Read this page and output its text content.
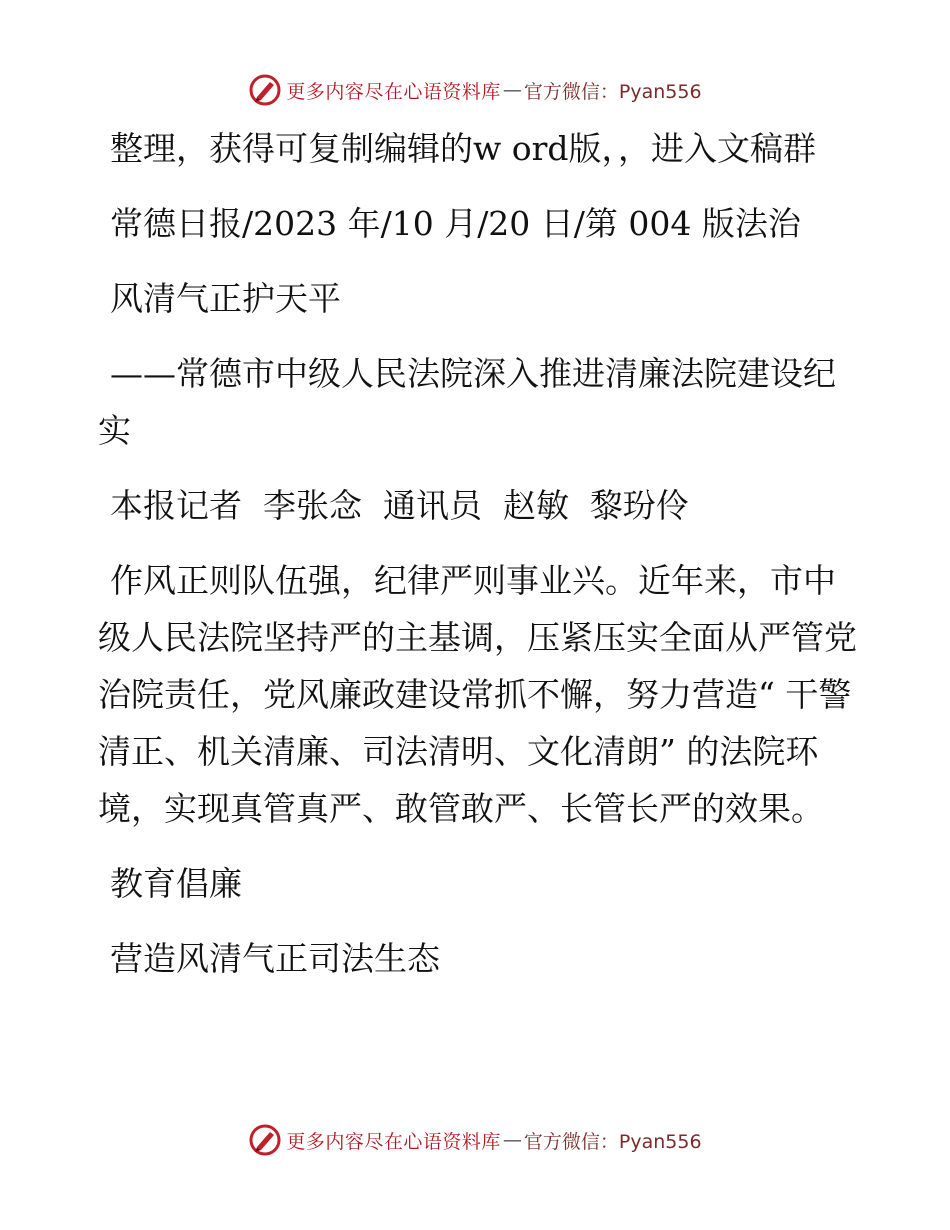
更多内容尽在心语资料库 — 官方微信：Pyan556

整理，获得可复制编辑的w ord版，，进入文稿群

常德日报/2023 年/10 月/20 日/第 004 版法治

风清气正护天平

——常德市中级人民法院深入推进清廉法院建设纪实

本报记者  李张念  通讯员  赵敏  黎玢伶

作风正则队伍强，纪律严则事业兴。近年来，市中级人民法院坚持严的主基调，压紧压实全面从严管党治院责任，党风廉政建设常抓不懈，努力营造“ 干警清正、机关清廉、司法清明、文化清朗” 的法院环境，实现真管真严、敢管敢严、长管长严的效果。

教育倡廉

营造风清气正司法生态

更多内容尽在心语资料库 — 官方微信：Pyan556
